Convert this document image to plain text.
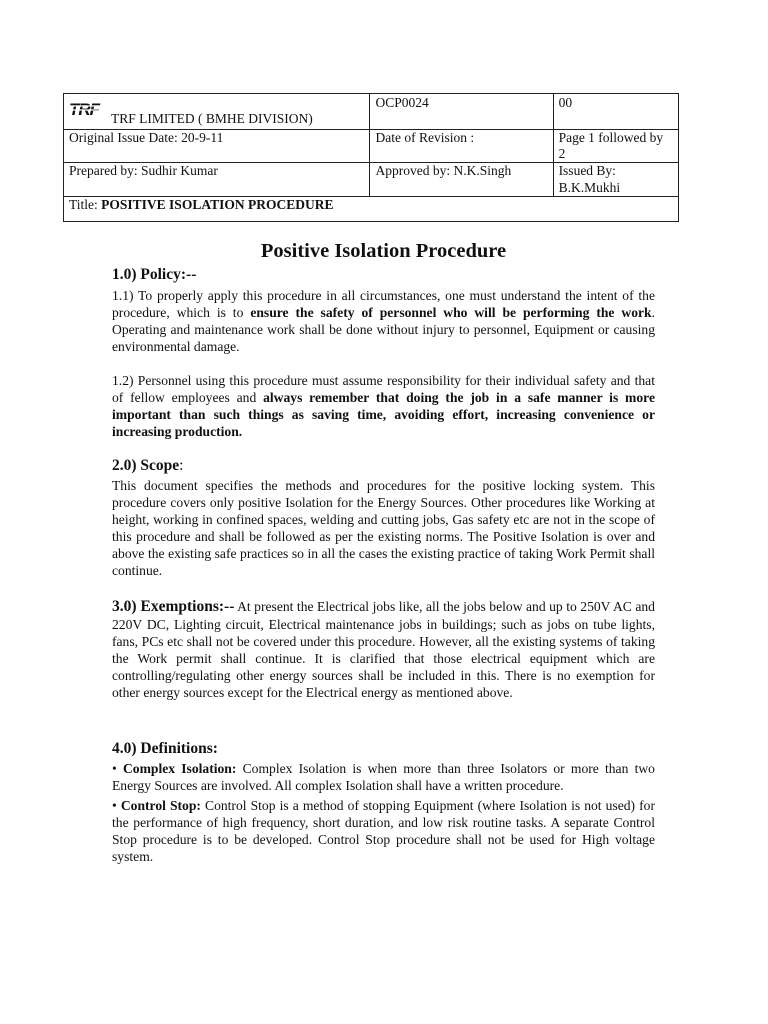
TRF TRF LIMITED ( BMHE DIVISION)	OCP0024	00

Original Issue Date: 20-9-11	Date of Revision :	Page 1 followed by 2
Prepared by: Sudhir Kumar	Approved by: N.K.Singh	Issued By: B.K.Mukhi
Title: POSITIVE ISOLATION PROCEDURE		
Positive Isolation Procedure
1.0) Policy:--

1.1) To properly apply this procedure in all circumstances, one must understand the intent of the procedure, which is to ensure the safety of personnel who will be performing the work. Operating and maintenance work shall be done without injury to personnel, Equipment or causing environmental damage.

1.2) Personnel using this procedure must assume responsibility for their individual safety and that of fellow employees and always remember that doing the job in a safe manner is more important than such things as saving time, avoiding effort, increasing convenience or increasing production.

2.0) Scope:

This document specifies the methods and procedures for the positive locking system. This procedure covers only positive Isolation for the Energy Sources. Other procedures like Working at height, working in confined spaces, welding and cutting jobs, Gas safety etc are not in the scope of this procedure and shall be followed as per the existing norms. The Positive Isolation is over and above the existing safe practices so in all the cases the existing practice of taking Work Permit shall continue.

3.0) Exemptions:-- At present the Electrical jobs like, all the jobs below and up to 250V AC and 220V DC, Lighting circuit, Electrical maintenance jobs in buildings; such as jobs on tube lights, fans, PCs etc shall not be covered under this procedure. However, all the existing systems of taking the Work permit shall continue. It is clarified that those electrical equipment which are controlling/regulating other energy sources shall be included in this. There is no exemption for other energy sources except for the Electrical energy as mentioned above.

4.0) Definitions:

• Complex Isolation: Complex Isolation is when more than three Isolators or more than two Energy Sources are involved. All complex Isolation shall have a written procedure.

• Control Stop: Control Stop is a method of stopping Equipment (where Isolation is not used) for the performance of high frequency, short duration, and low risk routine tasks. A separate Control Stop procedure is to be developed. Control Stop procedure shall not be used for High voltage system.
